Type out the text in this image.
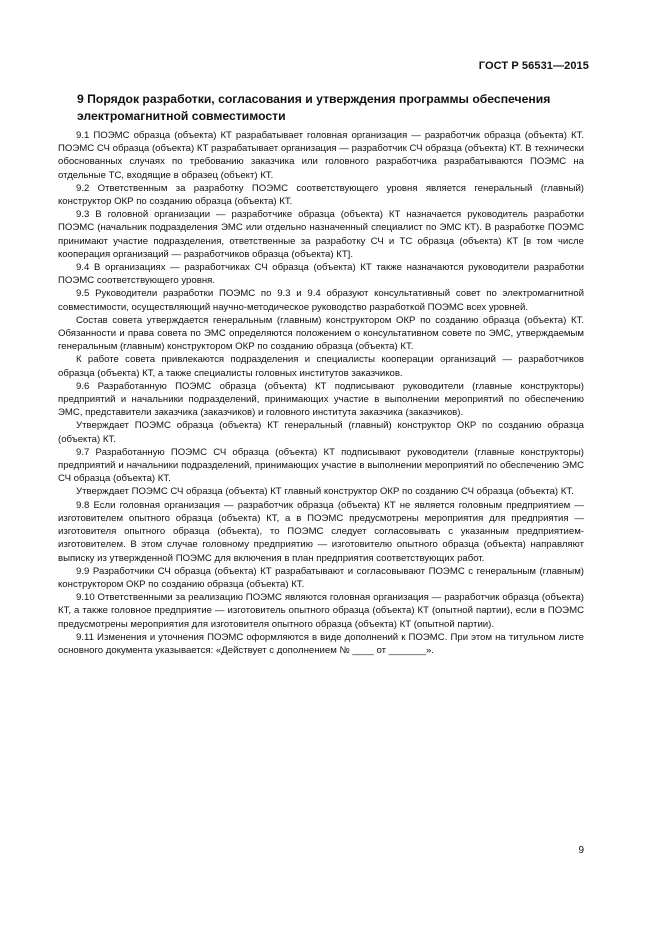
ГОСТ Р 56531—2015
9 Порядок разработки, согласования и утверждения программы обеспечения электромагнитной совместимости

9.1 ПОЭМС образца (объекта) КТ разрабатывает головная организация — разработчик образца (объекта) КТ. ПОЭМС СЧ образца (объекта) КТ разрабатывает организация — разработчик СЧ образца (объекта) КТ. В технически обоснованных случаях по требованию заказчика или головного разработчика разрабатываются ПОЭМС на отдельные ТС, входящие в образец (объект) КТ.

9.2 Ответственным за разработку ПОЭМС соответствующего уровня является генеральный (главный) конструктор ОКР по созданию образца (объекта) КТ.

9.3 В головной организации — разработчике образца (объекта) КТ назначается руководитель разработки ПОЭМС (начальник подразделения ЭМС или отдельно назначенный специалист по ЭМС КТ). В разработке ПОЭМС принимают участие подразделения, ответственные за разработку СЧ и ТС образца (объекта) КТ [в том числе кооперация организаций — разработчиков образца (объекта) КТ].

9.4 В организациях — разработчиках СЧ образца (объекта) КТ также назначаются руководители разработки ПОЭМС соответствующего уровня.

9.5 Руководители разработки ПОЭМС по 9.3 и 9.4 образуют консультативный совет по электромагнитной совместимости, осуществляющий научно-методическое руководство разработкой ПОЭМС всех уровней.

Состав совета утверждается генеральным (главным) конструктором ОКР по созданию образца (объекта) КТ. Обязанности и права совета по ЭМС определяются положением о консультативном совете по ЭМС, утверждаемым генеральным (главным) конструктором ОКР по созданию образца (объекта) КТ.

К работе совета привлекаются подразделения и специалисты кооперации организаций — разработчиков образца (объекта) КТ, а также специалисты головных институтов заказчиков.

9.6 Разработанную ПОЭМС образца (объекта) КТ подписывают руководители (главные конструкторы) предприятий и начальники подразделений, принимающих участие в выполнении мероприятий по обеспечению ЭМС, представители заказчика (заказчиков) и головного института заказчика (заказчиков).

Утверждает ПОЭМС образца (объекта) КТ генеральный (главный) конструктор ОКР по созданию образца (объекта) КТ.

9.7 Разработанную ПОЭМС СЧ образца (объекта) КТ подписывают руководители (главные конструкторы) предприятий и начальники подразделений, принимающих участие в выполнении мероприятий по обеспечению ЭМС СЧ образца (объекта) КТ.

Утверждает ПОЭМС СЧ образца (объекта) КТ главный конструктор ОКР по созданию СЧ образца (объекта) КТ.

9.8 Если головная организация — разработчик образца (объекта) КТ не является головным предприятием — изготовителем опытного образца (объекта) КТ, а в ПОЭМС предусмотрены мероприятия для предприятия — изготовителя опытного образца (объекта), то ПОЭМС следует согласовывать с указанным предприятием-изготовителем. В этом случае головному предприятию — изготовителю опытного образца (объекта) направляют выписку из утвержденной ПОЭМС для включения в план предприятия соответствующих работ.

9.9 Разработчики СЧ образца (объекта) КТ разрабатывают и согласовывают ПОЭМС с генеральным (главным) конструктором ОКР по созданию образца (объекта) КТ.

9.10 Ответственными за реализацию ПОЭМС являются головная организация — разработчик образца (объекта) КТ, а также головное предприятие — изготовитель опытного образца (объекта) КТ (опытной партии), если в ПОЭМС предусмотрены мероприятия для изготовителя опытного образца (объекта) КТ (опытной партии).

9.11 Изменения и уточнения ПОЭМС оформляются в виде дополнений к ПОЭМС. При этом на титульном листе основного документа указывается: «Действует с дополнением № ____ от _______».

9
